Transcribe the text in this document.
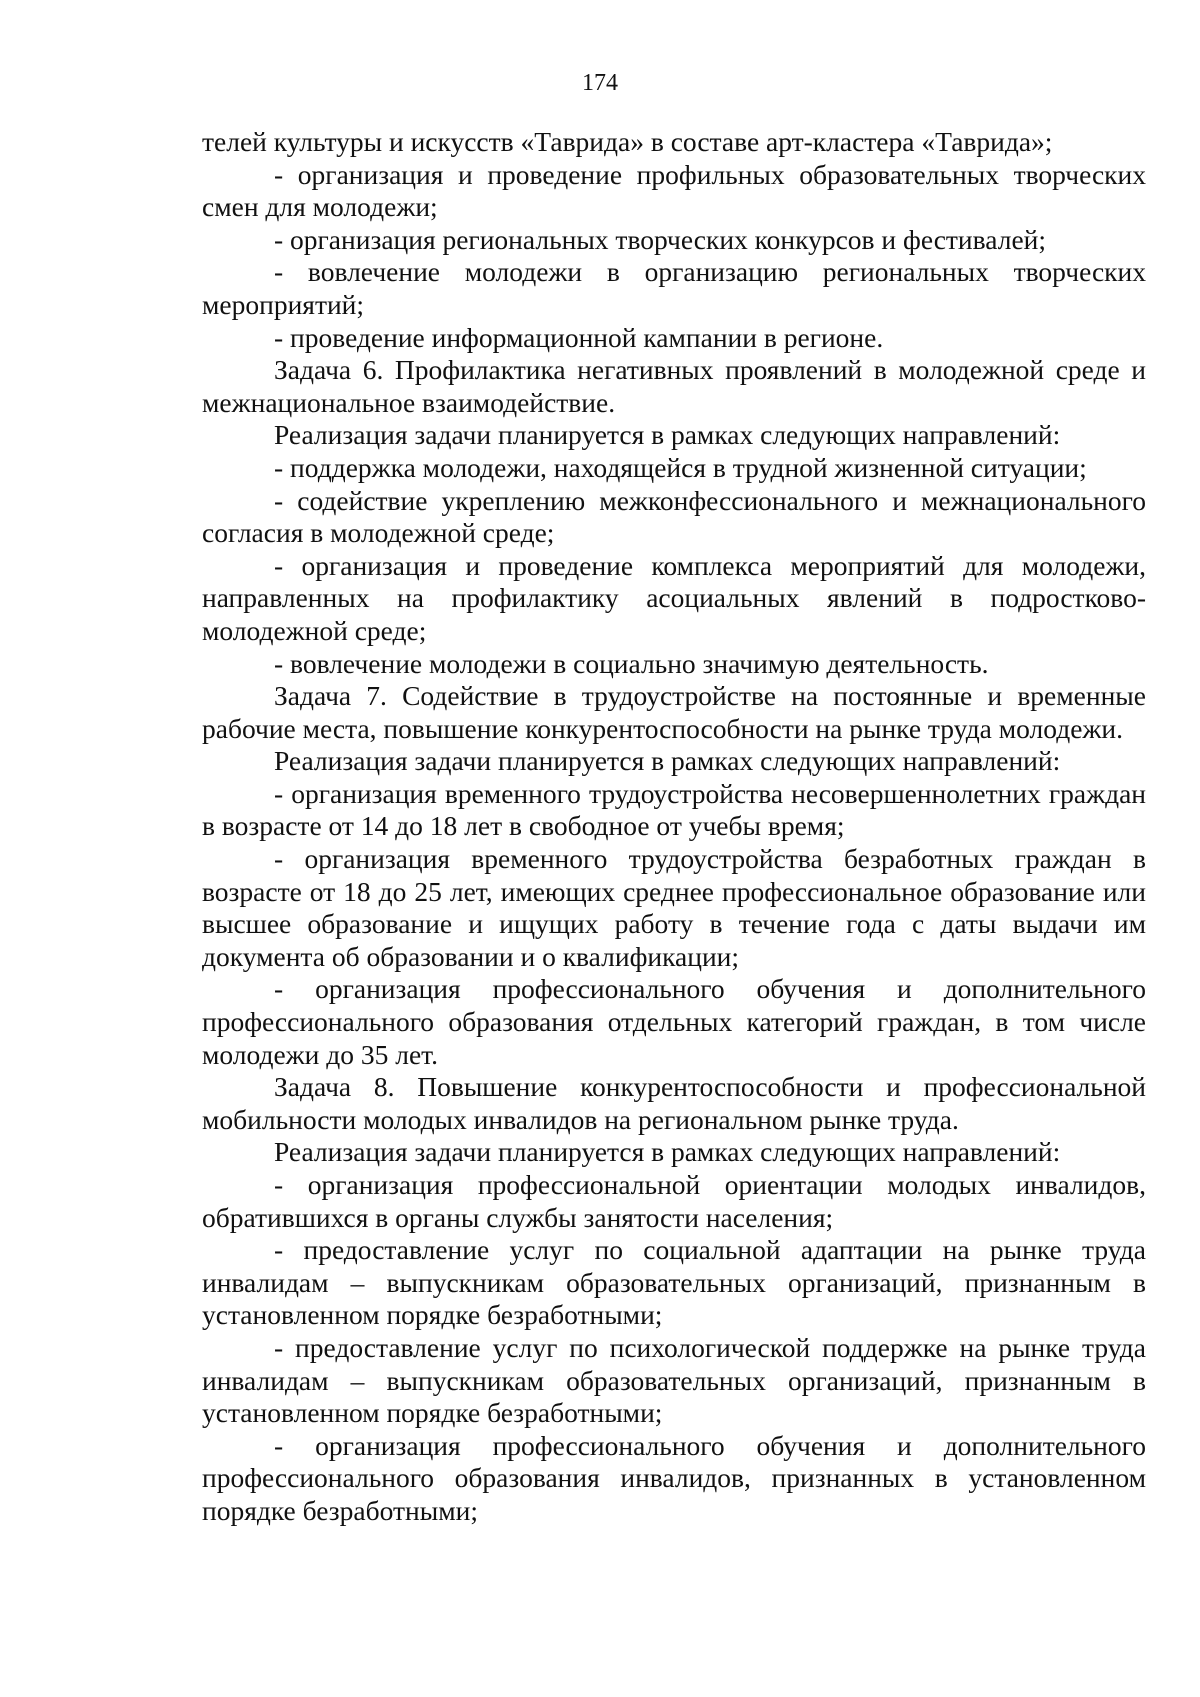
174

телей культуры и искусств «Таврида» в составе арт-кластера «Таврида»;

- организация и проведение профильных образовательных творческих смен для молодежи;

- организация региональных творческих конкурсов и фестивалей;

- вовлечение молодежи в организацию региональных творческих мероприятий;

- проведение информационной кампании в регионе.

Задача 6. Профилактика негативных проявлений в молодежной среде и межнациональное взаимодействие.

Реализация задачи планируется в рамках следующих направлений:

- поддержка молодежи, находящейся в трудной жизненной ситуации;

- содействие укреплению межконфессионального и межнационального согласия в молодежной среде;

- организация и проведение комплекса мероприятий для молодежи, направленных на профилактику асоциальных явлений в подростково-молодежной среде;

- вовлечение молодежи в социально значимую деятельность.

Задача 7. Содействие в трудоустройстве на постоянные и временные рабочие места, повышение конкурентоспособности на рынке труда молодежи.

Реализация задачи планируется в рамках следующих направлений:

- организация временного трудоустройства несовершеннолетних граждан в возрасте от 14 до 18 лет в свободное от учебы время;

- организация временного трудоустройства безработных граждан в возрасте от 18 до 25 лет, имеющих среднее профессиональное образование или высшее образование и ищущих работу в течение года с даты выдачи им документа об образовании и о квалификации;

- организация профессионального обучения и дополнительного профессионального образования отдельных категорий граждан, в том числе молодежи до 35 лет.

Задача 8. Повышение конкурентоспособности и профессиональной мобильности молодых инвалидов на региональном рынке труда.

Реализация задачи планируется в рамках следующих направлений:

- организация профессиональной ориентации молодых инвалидов, обратившихся в органы службы занятости населения;

- предоставление услуг по социальной адаптации на рынке труда инвалидам – выпускникам образовательных организаций, признанным в установленном порядке безработными;

- предоставление услуг по психологической поддержке на рынке труда инвалидам – выпускникам образовательных организаций, признанным в установленном порядке безработными;

- организация профессионального обучения и дополнительного профессионального образования инвалидов, признанных в установленном порядке безработными;
